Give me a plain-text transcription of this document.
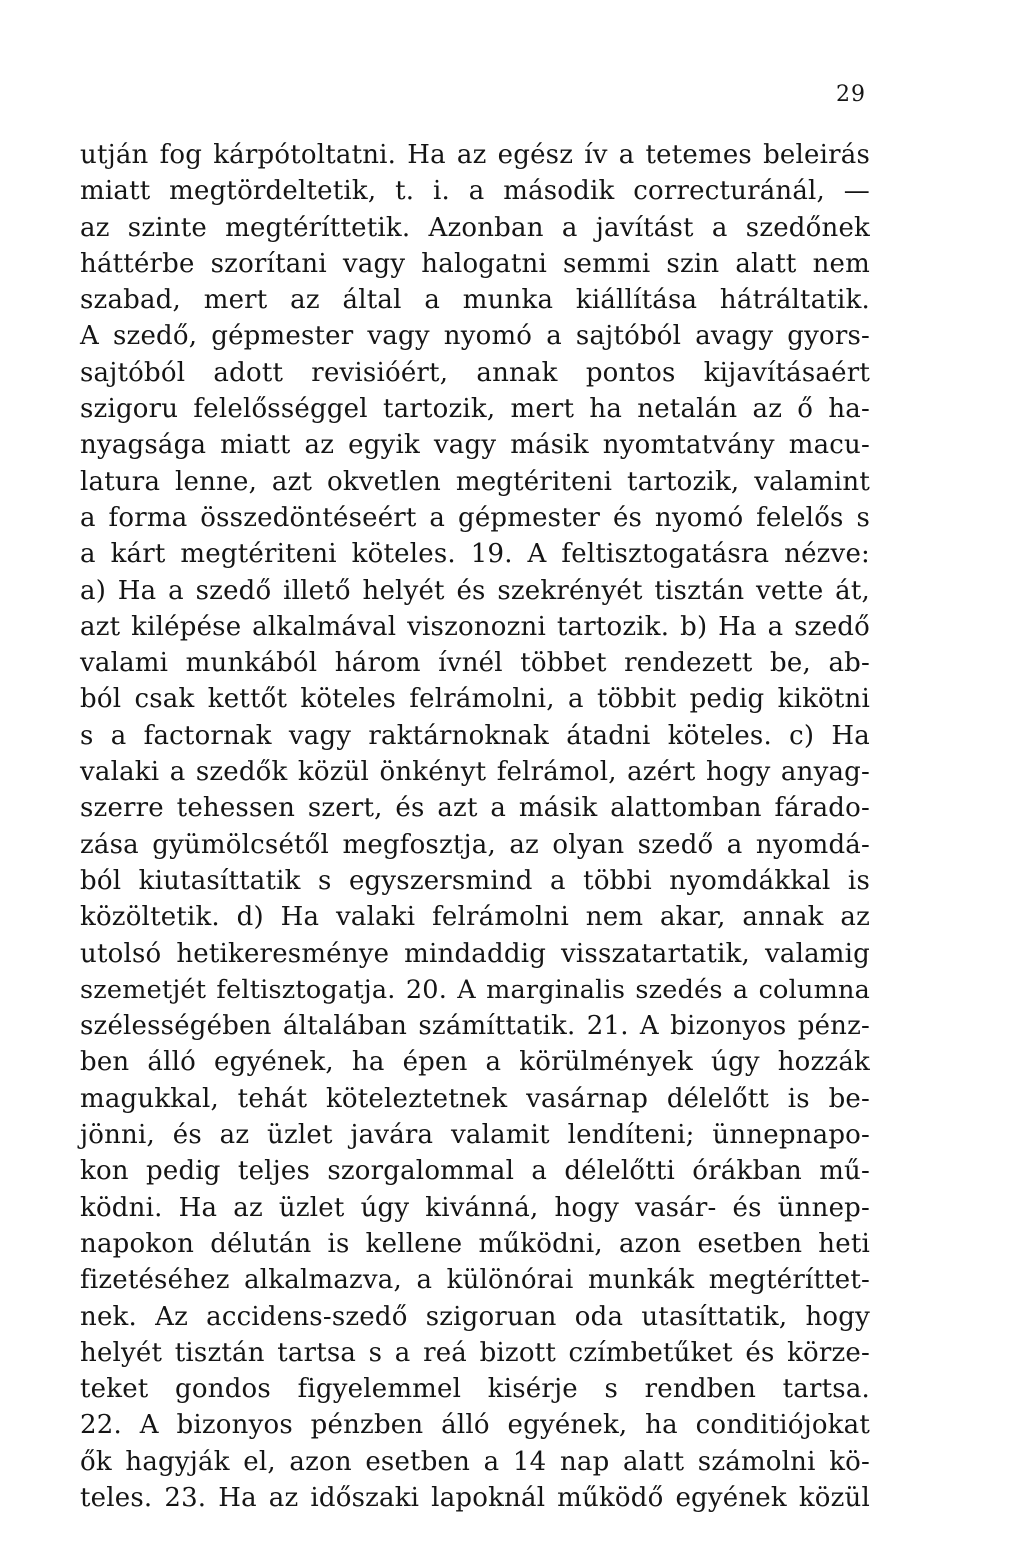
29
utján fog kárpótoltatni. Ha az egész ív a tetemes beleirás
miatt megtördeltetik, t. i. a második correcturánál, —
az szinte megtéríttetik. Azonban a javítást a szedőnek
háttérbe szorítani vagy halogatni semmi szin alatt nem
szabad, mert az által a munka kiállítása hátráltatik.
A szedő, gépmester vagy nyomó a sajtóból avagy gyors-
sajtóból adott revisióért, annak pontos kijavításaért
szigoru felelősséggel tartozik, mert ha netalán az ő ha-
nyagsága miatt az egyik vagy másik nyomtatvány macu-
latura lenne, azt okvetlen megtériteni tartozik, valamint
a forma összedöntéseért a gépmester és nyomó felelős s
a kárt megtériteni köteles. 19. A feltisztogatásra nézve:
a) Ha a szedő illető helyét és szekrényét tisztán vette át,
azt kilépése alkalmával viszonozni tartozik. b) Ha a szedő
valami munkából három ívnél többet rendezett be, ab-
ból csak kettőt köteles felrámolni, a többit pedig kikötni
s a factornak vagy raktárnoknak átadni köteles. c) Ha
valaki a szedők közül önkényt felrámol, azért hogy anyag-
szerre tehessen szert, és azt a másik alattomban fárado-
zása gyümölcsétől megfosztja, az olyan szedő a nyomdá-
ból kiutasíttatik s egyszersmind a többi nyomdákkal is
közöltetik. d) Ha valaki felrámolni nem akar, annak az
utolsó hetikeresménye mindaddig visszatartatik, valamig
szemetjét feltisztogatja. 20. A marginalis szedés a columna
szélességében általában számíttatik. 21. A bizonyos pénz-
ben álló egyének, ha épen a körülmények úgy hozzák
magukkal, tehát köteleztetnek vasárnap délelőtt is be-
jönni, és az üzlet javára valamit lendíteni; ünnepnapo-
kon pedig teljes szorgalommal a délelőtti órákban mű-
ködni. Ha az üzlet úgy kivánná, hogy vasár- és ünnep-
napokon délután is kellene működni, azon esetben heti
fizetéséhez alkalmazva, a különórai munkák megtéríttet-
nek. Az accidens-szedő szigoruan oda utasíttatik, hogy
helyét tisztán tartsa s a reá bizott czímbetűket és körze-
teket gondos figyelemmel kisérje s rendben tartsa.
22. A bizonyos pénzben álló egyének, ha conditiójokat
ők hagyják el, azon esetben a 14 nap alatt számolni kö-
teles. 23. Ha az időszaki lapoknál működő egyének közül
